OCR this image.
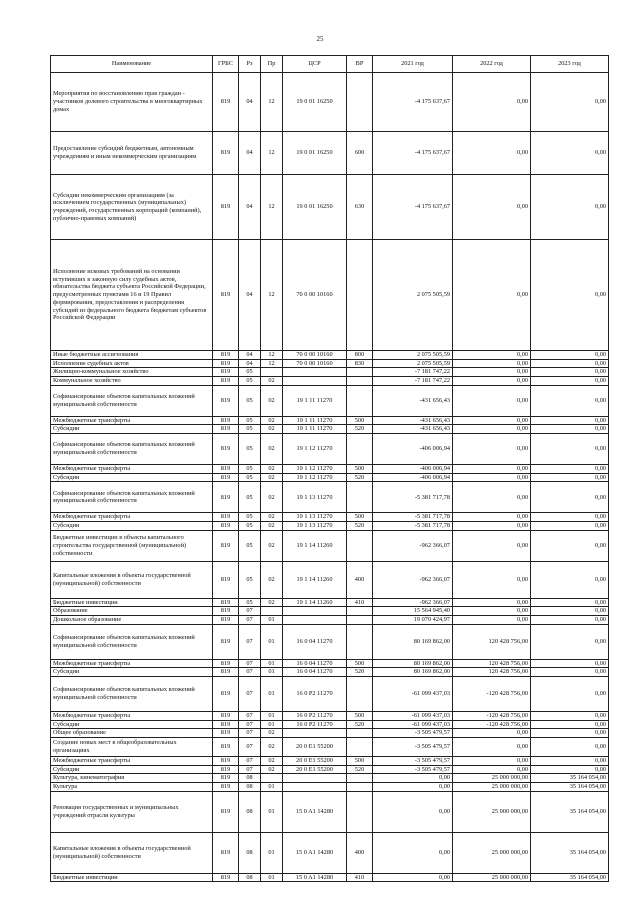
25
Наименование	ГРБС	Рз	Пр	ЦСР	ВР	2021 год	2022 год	2023 год
Мероприятия по восстановлению прав граждан - участников долевого строительства в многоквартирных домах	819	04	12	19 0 01 16250		-4 175 637,67	0,00	0,00
Предоставление субсидий бюджетным, автономным учреждениям и иным некоммерческим организациям	819	04	12	19 0 01 16250	600	-4 175 637,67	0,00	0,00
Субсидии некоммерческим организациям (за исключением государственных (муниципальных) учреждений, государственных корпораций (компаний), публично-правовых компаний)	819	04	12	19 0 01 16250	630	-4 175 637,67	0,00	0,00
Исполнение исковых требований на основании вступивших в законную силу судебных актов, обязательства бюджета субъекта Российской Федерации, предусмотренных пунктами 16 и 19 Правил формирования, предоставления и распределения субсидий из федерального бюджета бюджетам субъектов Российской Федерации	819	04	12	70 0 00 10160		2 075 505,59	0,00	0,00
Иные бюджетные ассигнования	819	04	12	70 0 00 10160	800	2 075 505,59	0,00	0,00
Исполнение судебных актов	819	04	12	70 0 00 10160	830	2 075 505,59	0,00	0,00
Жилищно-коммунальное хозяйство	819	05				-7 181 747,22	0,00	0,00
Коммунальное хозяйство	819	05	02			-7 181 747,22	0,00	0,00
Софинансирование объектов капитальных вложений муниципальной собственности	819	05	02	19 1 11 11270		-431 656,43	0,00	0,00
Межбюджетные трансферты	819	05	02	19 1 11 11270	500	-431 656,43	0,00	0,00
Субсидии	819	05	02	19 1 11 11270	520	-431 656,43	0,00	0,00
Софинансирование объектов капитальных вложений муниципальной собственности	819	05	02	19 1 12 11270		-406 006,94	0,00	0,00
Межбюджетные трансферты	819	05	02	19 1 12 11270	500	-406 006,94	0,00	0,00
Субсидии	819	05	02	19 1 12 11270	520	-406 006,94	0,00	0,00
Софинансирование объектов капитальных вложений муниципальной собственности	819	05	02	19 1 13 11270		-5 381 717,78	0,00	0,00
Межбюджетные трансферты	819	05	02	19 1 13 11270	500	-5 381 717,78	0,00	0,00
Субсидии	819	05	02	19 1 13 11270	520	-5 381 717,78	0,00	0,00
Бюджетные инвестиции в объекты капитального строительства государственной (муниципальной) собственности	819	05	02	19 1 14 11260		-962 366,07	0,00	0,00
Капитальные вложения в объекты государственной (муниципальной) собственности	819	05	02	19 1 14 11260	400	-962 366,07	0,00	0,00
Бюджетные инвестиции	819	05	02	19 1 14 11260	410	-962 366,07	0,00	0,00
Образование	819	07				15 564 945,40	0,00	0,00
Дошкольное образование	819	07	01			19 070 424,97	0,00	0,00
Софинансирование объектов капитальных вложений муниципальной собственности	819	07	01	16 0 04 11270		80 169 862,00	120 428 756,00	0,00
Межбюджетные трансферты	819	07	01	16 0 04 11270	500	80 169 862,00	120 428 756,00	0,00
Субсидии	819	07	01	16 0 04 11270	520	80 169 862,00	120 428 756,00	0,00
Софинансирование объектов капитальных вложений муниципальной собственности	819	07	01	16 0 P2 11270		-61 099 437,03	-120 428 756,00	0,00
Межбюджетные трансферты	819	07	01	16 0 P2 11270	500	-61 099 437,03	-120 428 756,00	0,00
Субсидии	819	07	01	16 0 P2 11270	520	-61 099 437,03	-120 428 756,00	0,00
Общее образование	819	07	02			-3 505 479,57	0,00	0,00
Создание новых мест в общеобразовательных организациях	819	07	02	20 0 E1 55200		-3 505 479,57	0,00	0,00
Межбюджетные трансферты	819	07	02	20 0 E1 55200	500	-3 505 479,57	0,00	0,00
Субсидии	819	07	02	20 0 E1 55200	520	-3 505 479,57	0,00	0,00
Культура, кинематография	819	08				0,00	25 000 000,00	35 164 054,00
Культура	819	08	01			0,00	25 000 000,00	35 164 054,00
Реновация государственных и муниципальных учреждений отрасли культуры	819	08	01	15 0 A1 14280		0,00	25 000 000,00	35 164 054,00
Капитальные вложения в объекты государственной (муниципальной) собственности	819	08	01	15 0 A1 14280	400	0,00	25 000 000,00	35 164 054,00
Бюджетные инвестиции	819	08	01	15 0 A1 14280	410	0,00	25 000 000,00	35 164 054,00
